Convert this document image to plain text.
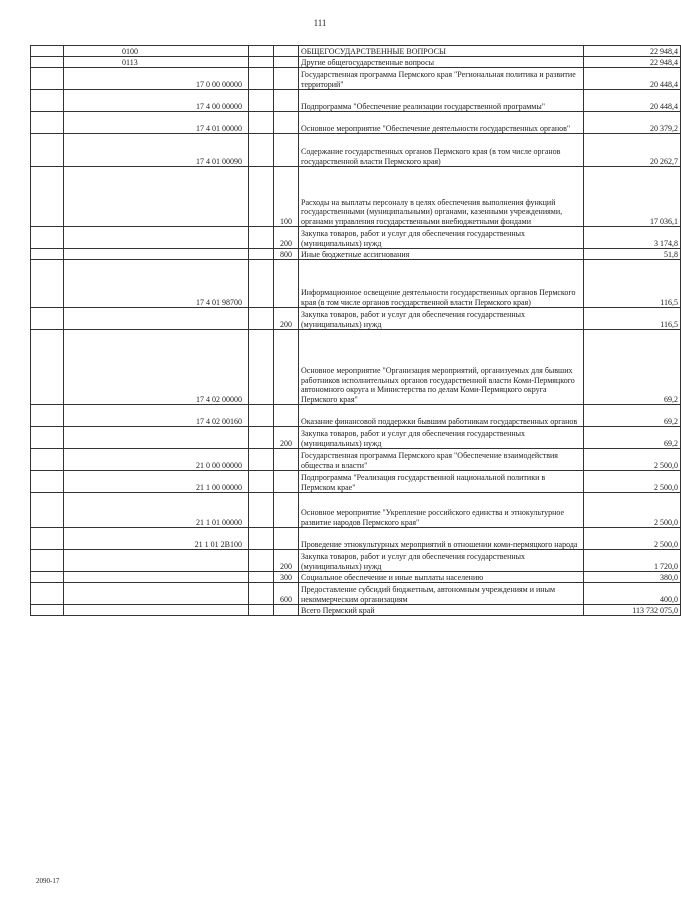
111
	0100			ОБЩЕГОСУДАРСТВЕННЫЕ ВОПРОСЫ	22 948,4
	0113			Другие общегосударственные вопросы	22 948,4
	17 0 00 00000			Государственная программа Пермского края "Региональная политика и развитие территорий"	20 448,4
	17 4 00 00000			Подпрограмма "Обеспечение реализации государственной программы"	20 448,4
	17 4 01 00000			Основное мероприятие "Обеспечение деятельности государственных органов"	20 379,2
	17 4 01 00090			Содержание государственных органов Пермского края (в том числе органов государственной власти Пермского края)	20 262,7
			100	Расходы на выплаты персоналу в целях обеспечения выполнения функций государственными (муниципальными) органами, казенными учреждениями, органами управления государственными внебюджетными фондами	17 036,1
			200	Закупка товаров, работ и услуг для обеспечения государственных (муниципальных) нужд	3 174,8
			800	Иные бюджетные ассигнования	51,8
	17 4 01 98700			Информационное освещение деятельности государственных органов Пермского края (в том числе органов государственной власти Пермского края)	116,5
			200	Закупка товаров, работ и услуг для обеспечения государственных (муниципальных) нужд	116,5
	17 4 02 00000			Основное мероприятие "Организация мероприятий, организуемых для бывших работников исполнительных органов государственной власти Коми-Пермяцкого автономного округа и Министерства по делам Коми-Пермяцкого округа Пермского края"	69,2
	17 4 02 00160			Оказание финансовой поддержки бывшим работникам государственных органов	69,2
			200	Закупка товаров, работ и услуг для обеспечения государственных (муниципальных) нужд	69,2
	21 0 00 00000			Государственная программа Пермского края "Обеспечение взаимодействия общества и власти"	2 500,0
	21 1 00 00000			Подпрограмма "Реализация государственной национальной политики в Пермском крае"	2 500,0
	21 1 01 00000			Основное мероприятие "Укрепление российского единства и этнокультурное развитие народов Пермского края"	2 500,0
	21 1 01 2В100			Проведение этнокультурных мероприятий в отношении коми-пермяцкого народа	2 500,0
			200	Закупка товаров, работ и услуг для обеспечения государственных (муниципальных) нужд	1 720,0
			300	Социальное обеспечение и иные выплаты населению	380,0
			600	Предоставление субсидий бюджетным, автономным учреждениям и иным некоммерческим организациям	400,0
				Всего Пермский край	113 732 075,0
2090-17
